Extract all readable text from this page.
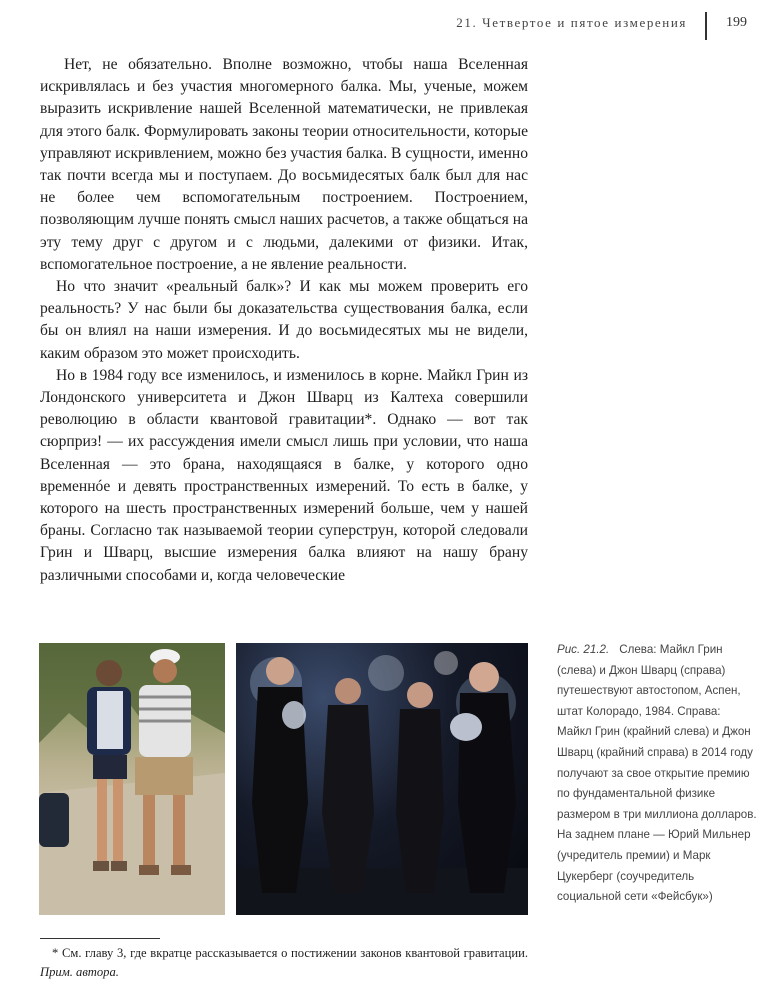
21. Четвертое и пятое измерения	199

Нет, не обязательно. Вполне возможно, чтобы наша Вселенная искривлялась и без участия многомерного балка. Мы, ученые, можем выразить искривление нашей Вселенной математически, не привлекая для этого балк. Формулировать законы теории относительности, которые управляют искривлением, можно без участия балка. В сущности, именно так почти всегда мы и поступаем. До восьмидесятых балк был для нас не более чем вспомогательным построением. Построением, позволяющим лучше понять смысл наших расчетов, а также общаться на эту тему друг с другом и с людьми, далекими от физики. Итак, вспомогательное построение, а не явление реальности.

Но что значит «реальный балк»? И как мы можем проверить его реальность? У нас были бы доказательства существования балка, если бы он влиял на наши измерения. И до восьмидесятых мы не видели, каким образом это может происходить.

Но в 1984 году все изменилось, и изменилось в корне. Майкл Грин из Лондонского университета и Джон Шварц из Калтеха совершили революцию в области квантовой гравитации*. Однако — вот так сюрприз! — их рассуждения имели смысл лишь при условии, что наша Вселенная — это брана, находящаяся в балке, у которого одно временнóе и девять пространственных измерений. То есть в балке, у которого на шесть пространственных измерений больше, чем у нашей браны. Согласно так называемой теории суперструн, которой следовали Грин и Шварц, высшие измерения балка влияют на нашу брану различными способами и, когда человеческие

Рис. 21.2. Слева: Майкл Грин (слева) и Джон Шварц (справа) путешествуют автостопом, Аспен, штат Колорадо, 1984. Справа: Майкл Грин (крайний слева) и Джон Шварц (крайний справа) в 2014 году получают за свое открытие премию по фундаментальной физике размером в три миллиона долларов. На заднем плане — Юрий Мильнер (учредитель премии) и Марк Цукерберг (соучредитель социальной сети «Фейсбук»)
* См. главу 3, где вкратце рассказывается о постижении законов квантовой гравитации. Прим. автора.
